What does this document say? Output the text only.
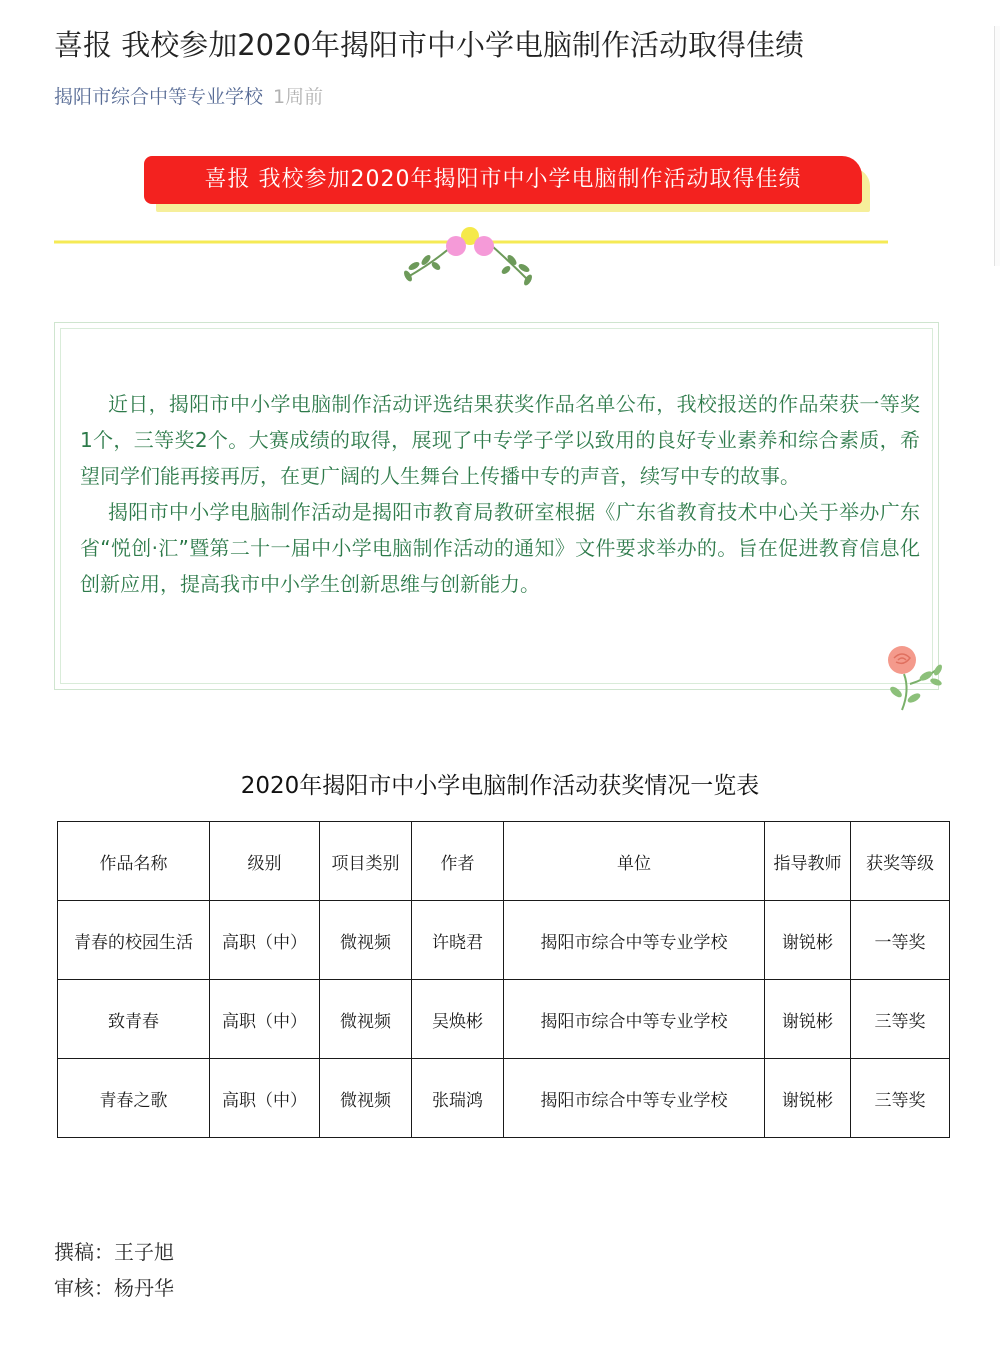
喜报 我校参加2020年揭阳市中小学电脑制作活动取得佳绩
揭阳市综合中等专业学校 1周前
喜报 我校参加2020年揭阳市中小学电脑制作活动取得佳绩

近日，揭阳市中小学电脑制作活动评选结果获奖作品名单公布，我校报送的作品荣获一等奖1个，三等奖2个。大赛成绩的取得，展现了中专学子学以致用的良好专业素养和综合素质，希望同学们能再接再厉，在更广阔的人生舞台上传播中专的声音，续写中专的故事。

揭阳市中小学电脑制作活动是揭阳市教育局教研室根据《广东省教育技术中心关于举办广东省“悦创·汇”暨第二十一届中小学电脑制作活动的通知》文件要求举办的。旨在促进教育信息化创新应用，提高我市中小学生创新思维与创新能力。

2020年揭阳市中小学电脑制作活动获奖情况一览表
作品名称	级别	项目类别	作者	单位	指导教师	获奖等级
青春的校园生活	高职（中）	微视频	许晓君	揭阳市综合中等专业学校	谢锐彬	一等奖
致青春	高职（中）	微视频	吴焕彬	揭阳市综合中等专业学校	谢锐彬	三等奖
青春之歌	高职（中）	微视频	张瑞鸿	揭阳市综合中等专业学校	谢锐彬	三等奖
撰稿：王子旭
审核：杨丹华
